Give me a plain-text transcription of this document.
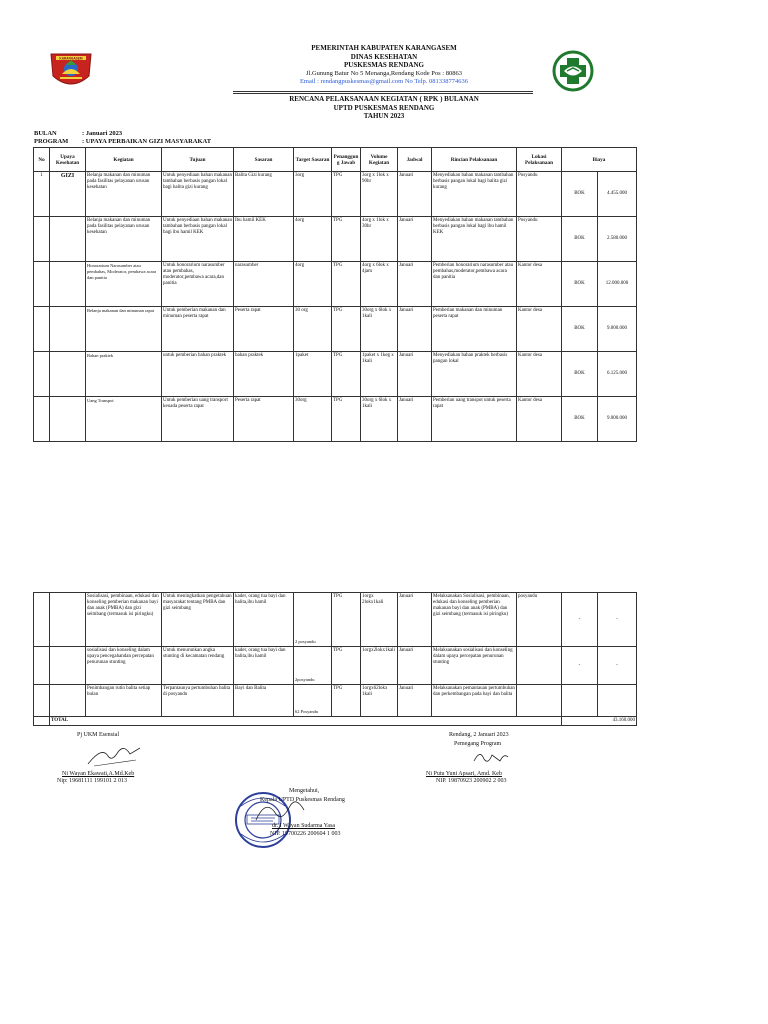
KARANGASEM
PEMERINTAH KABUPATEN KARANGASEM
DINAS KESEHATAN
PUSKESMAS RENDANG
Jl.Gunung Batur No 5 Menanga,Rendang Kode Pos : 80863
Email : rendangpuskesmas@gmail.com No Telp. 081338774636
RENCANA PELAKSANAAN KEGIATAN ( RPK ) BULANAN
UPTD PUSKESMAS RENDANG
TAHUN 2023
BULAN	: Januari 2023
PROGRAM : UPAYA PERBAIKAN GIZI MASYARAKAT
No	Upaya Kesehatan	Kegiatan	Tujuan	Sasaran	Target Sasaran	Penanggung Jawab	Volume Kegiatan	Jadwal	Rincian Pelaksanaan	Lokasi Pelaksanaan	Biaya	
1	GIZI	Belanja makanan dan minuman pada fasilitas pelayanan urusan kesehatan	Untuk penyediaan bahan makanan tambahan berbasis pangan lokal bagi balita gizi kurang	Balita Gizi kurang	3org	TPG	3org x 1lok x 90hr	Januari	Menyediakan bahan makanan tambahan berbasis pangan lokal bagi balita gizi kurang	Posyandu	BOK	4.455.000
		Belanja makanan dan minuman pada fasilitas pelayanan urusan kesehatan	Untuk penyediaan bahan makanan tambahan berbasis pangan lokal bagi ibu hamil KEK	Ibu hamil KEK	4org	TPG	4org x 1lok x 30hr	Januari	Menyediakan bahan makanan tambahan berbasis pangan lokal bagi ibu hamil KEK	Posyandu	BOK	2.580.000
		Honorarium Narasumber atau pembahas, Moderator, pembawa acara dan panitia	Untuk honorarium narasumber atau pembahas, moderator,pembawa acara,dan panitia	narasumber	4org	TPG	4org x 6lok x 4jam	Januari	Pemberian honorarium narasumber atau pembahas,moderator,pembawa acara dan panitia	Kantor desa	BOK	12.000.000
		Belanja makanan dan minuman rapat	Untuk pemberian makanan dan minuman peserta rapat	Peserta rapat	30 org	TPG	30org x 6lok x 1kali	Januari	Pemberian makanan dan minuman peserta rapat	Kantor desa	BOK	9.000.000
		Bahan praktek	untuk pemberian bahan praktek	bahan praktek	1paket	TPG	1paket x 1keg x 1kali	Januari	Menyediakan bahan praktek berbasis pangan lokal	Kantor desa	BOK	6.125.000
		Uang Transpot	Untuk pemberian uang transport keoada peserta rapat	Peserta rapat	30org	TPG	30org x 6lok x 1kali	Januari	Pemberian uang transpot untuk peserta rapat	Kantor desa	BOK	9.000.000
		Sosialisasi, pembinaan, edukasi dan konseling pemberian makanan bayi dan anak (PMBA) dan gizi seimbang (termasuk isi piringku)	Untuk meningkatkan pengetahuan masyarakat tentang PMBA dan gizi seimbang	kader, orang tua bayi dan balita,ibu hamil	2 posyandu	TPG	1orgx 2lokx1kali	Januari	Melaksanakan Sosialisasi, pembinaan, edukasi dan konseling pemberian makanan bayi dan anak (PMBA) dan gizi seimbang (termasuk isi piringku)	posyandu	-	-
		sosialisasi dan konseling dalam upaya pencegahandan percepatan penurunan stunting	Untuk menurunkan angka stunting di kecamatan rendang	kader, orang tua bayi dan balita,ibu hamil	2posyandu	TPG	1orgx2lokx1kali	Januari	Melaksanakan sosialisasi dan konseling dalam upaya percepatan penurunan stunting		-	-
		Penimbangan rutin balita setiap bulan	Terpantaunya pertumbuhan balita di posyandu	Bayi dan Balita	62 Posyandu	TPG	1orgx62lokx 1kali	Januari	Melaksanakan pemantauan pertumbuhan dan perkembangan pada bayi dan balita			
	TOTAL										43.160.000	
Pj UKM Esensial
Ni Wayan Ekawati,A.Md.Keb
Nip: 19681111 199101 2 013
Rendang, 2 Januari 2023
Pemegang Program
Ni Putu Yuni Apsari, Amd. Keb
NIP. 19870923 200902 2 003
Mengetahui,
Kepala UPTD Puskesmas Rendang
dr. I Wayan Sudarma Yasa
NIP. 19700226 200604 1 003
